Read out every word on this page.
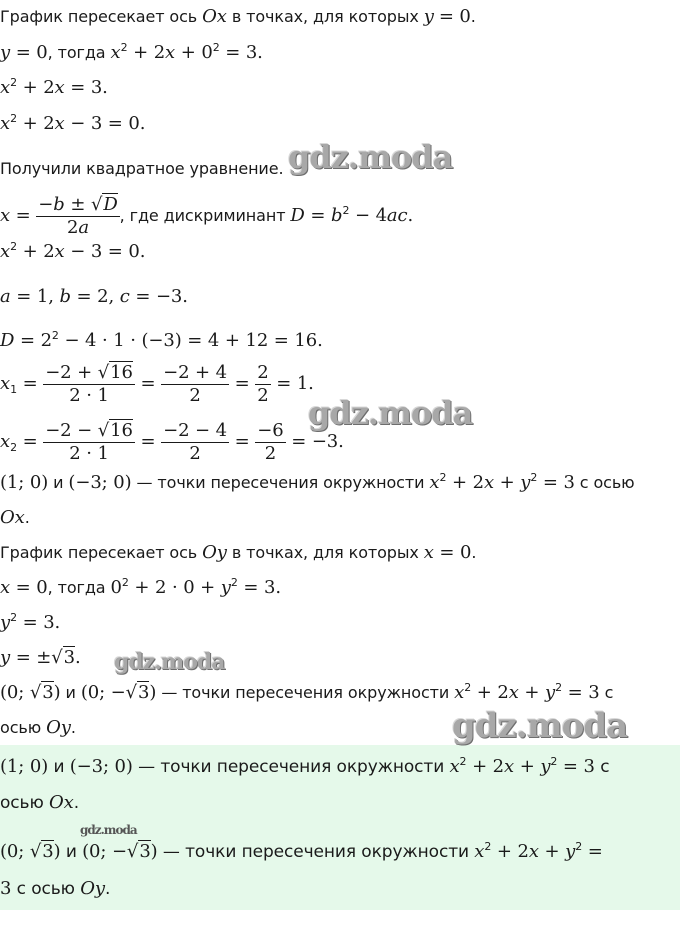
График пересекает ось Ox в точках, для которых y = 0.

y = 0, тогда $x^2 + 2x + 0^2 = 3$.

$x^2 + 2x = 3$.

$x^2 + 2x - 3 = 0$.

Получили квадратное уравнение.

$x = \frac{-b \pm √D}{2a}$ , где дискриминант $D = b^2 - 4ac$.

$x^2 + 2x - 3 = 0$.

a = 1, b = 2, c = −3.

$D = 2^2 - 4 \cdot 1 \cdot (-3) = 4 + 12 = 16$.

$x_1 = \frac{-2 + √16}{2 \cdot 1} = \frac{-2 + 4}{2} = \frac{2}{2} = 1$.

$x_2 = \frac{-2 - √16}{2 \cdot 1} = \frac{-2 - 4}{2} = \frac{-6}{2} = -3$.

(1; 0) и (−3; 0) — точки пересечения окружности $x^2 + 2x + y^2 = 3$ с осью

Ox.

График пересекает ось Oy в точках, для которых x = 0.

x = 0, тогда $0^2 + 2 \cdot 0 + y^2 = 3$.

$y^2 = 3$.

y = ±√3.

(0; √3) и (0; −√3) — точки пересечения окружности $x^2 + 2x + y^2 = 3$ с

осью Oy.

(1; 0) и (−3; 0) — точки пересечения окружности $x^2 + 2x + y^2 = 3$ с

осью Ox.

(0; √3) и (0; −√3) — точки пересечения окружности $x^2 + 2x + y^2$ =

3 с осью Oy.

gdz.moda
gdz.moda
gdz.moda
gdz.moda
gdz.moda
